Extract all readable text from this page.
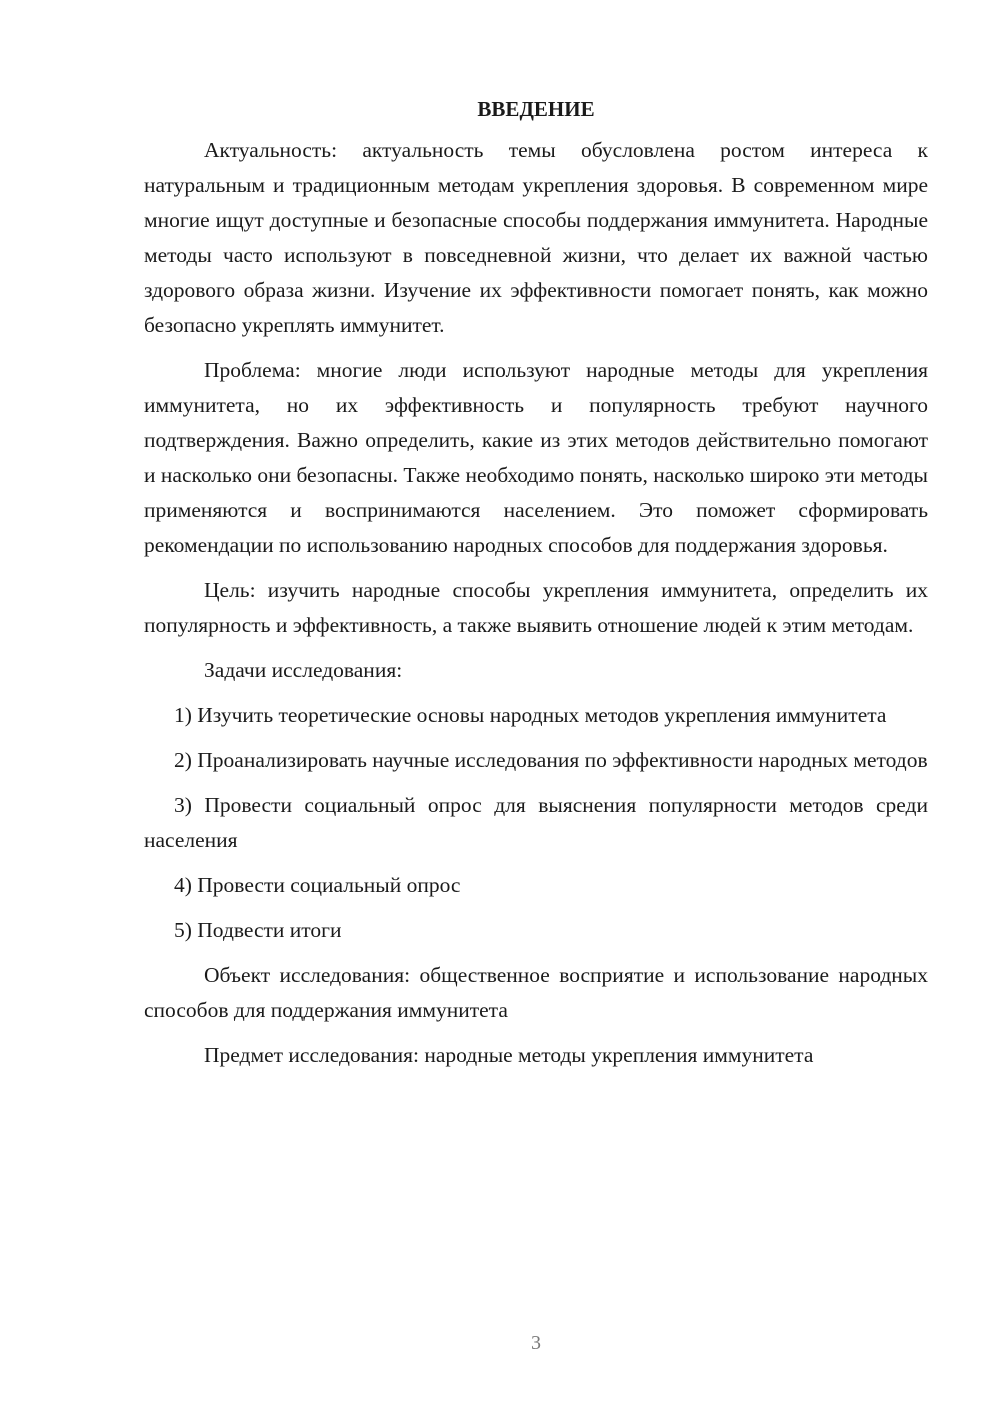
ВВЕДЕНИЕ

Актуальность: актуальность темы обусловлена ростом интереса к натуральным и традиционным методам укрепления здоровья. В современном мире многие ищут доступные и безопасные способы поддержания иммунитета. Народные методы часто используют в повседневной жизни, что делает их важной частью здорового образа жизни. Изучение их эффективности помогает понять, как можно безопасно укреплять иммунитет.

Проблема: многие люди используют народные методы для укрепления иммунитета, но их эффективность и популярность требуют научного подтверждения. Важно определить, какие из этих методов действительно помогают и насколько они безопасны. Также необходимо понять, насколько широко эти методы применяются и воспринимаются населением. Это поможет сформировать рекомендации по использованию народных способов для поддержания здоровья.

Цель: изучить народные способы укрепления иммунитета, определить их популярность и эффективность, а также выявить отношение людей к этим методам.

Задачи исследования:

1) Изучить теоретические основы народных методов укрепления иммунитета

2) Проанализировать научные исследования по эффективности народных методов

3) Провести социальный опрос для выяснения популярности методов среди населения

4) Провести социальный опрос

5) Подвести итоги

Объект исследования: общественное восприятие и использование народных способов для поддержания иммунитета

Предмет исследования: народные методы укрепления иммунитета

3
